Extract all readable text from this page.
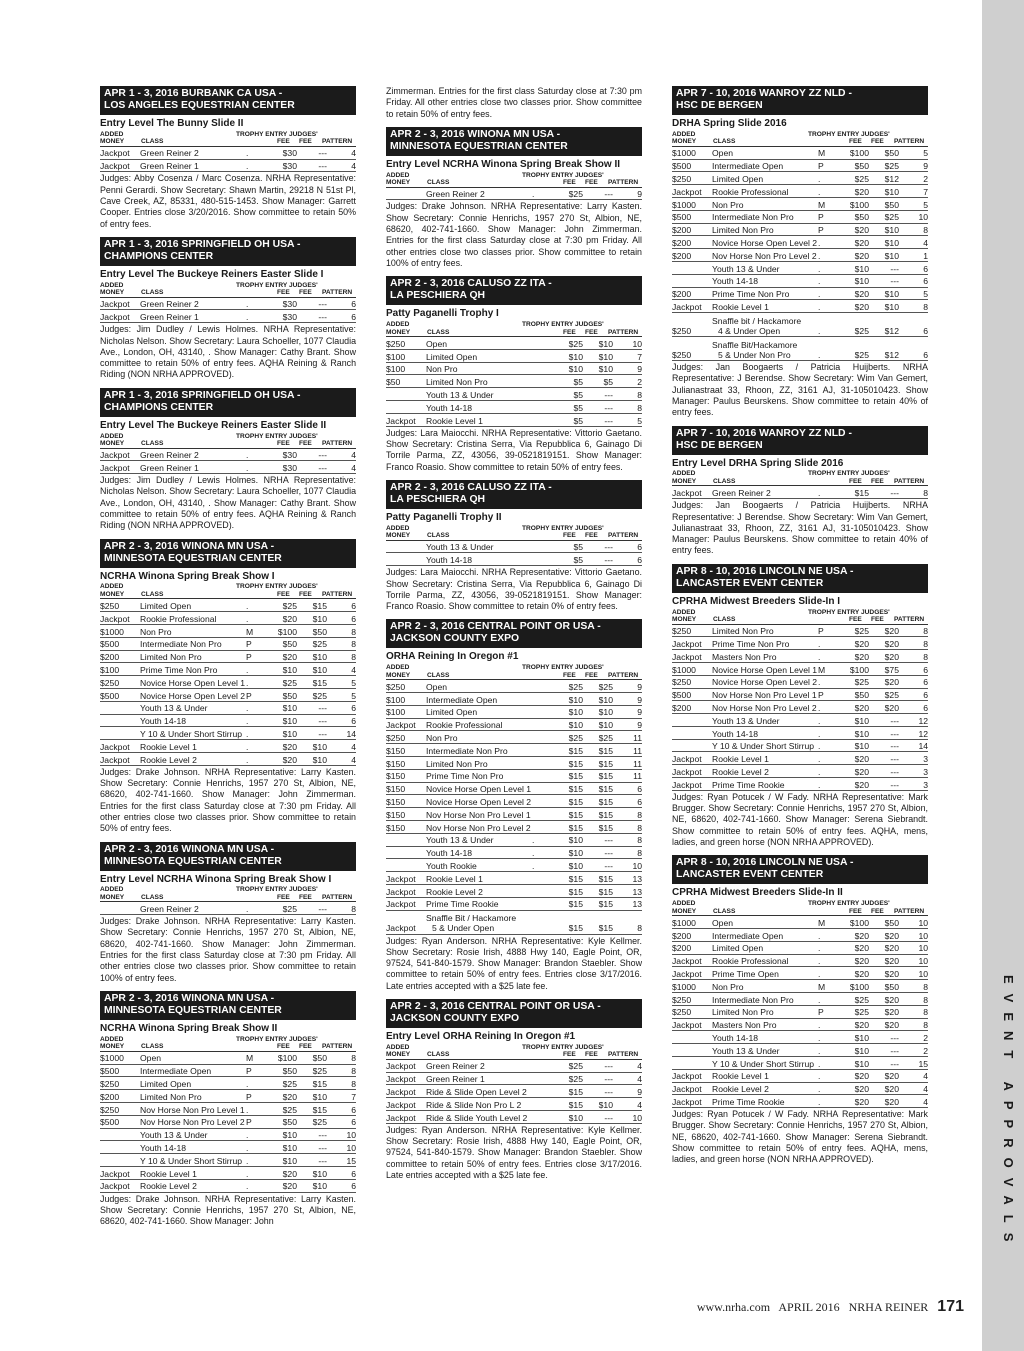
APR 1 - 3, 2016 BURBANK CA USA -
LOS ANGELES EQUESTRIAN CENTER
Entry Level The Bunny Slide II
ADDED
MONEY	CLASS
TROPHY ENTRY JUDGES'
FEE FEE PATTERN
Jackpot	Green Reiner 2	.	$30	---	4
Jackpot	Green Reiner 1	.	$30	---	4
Judges: Abby Cosenza / Marc Cosenza. NRHA Representative: Penni Gerardi. Show Secretary: Shawn Martin, 29218 N 51st Pl, Cave Creek, AZ, 85331, 480-515-1453. Show Manager: Garrett Cooper. Entries close 3/20/2016. Show committee to retain 50% of entry fees.
APR 1 - 3, 2016 SPRINGFIELD OH USA -
CHAMPIONS CENTER
Entry Level The Buckeye Reiners Easter Slide I
ADDED
MONEY	CLASS
TROPHY ENTRY JUDGES'
FEE FEE PATTERN
Jackpot	Green Reiner 2	.	$30	---	6
Jackpot	Green Reiner 1	.	$30	---	6
Judges: Jim Dudley / Lewis Holmes. NRHA Representative: Nicholas Nelson. Show Secretary: Laura Schoeller, 1077 Claudia Ave., London, OH, 43140, . Show Manager: Cathy Brant. Show committee to retain 50% of entry fees. AQHA Reining & Ranch Riding (NON NRHA APPROVED).
APR 1 - 3, 2016 SPRINGFIELD OH USA -
CHAMPIONS CENTER
Entry Level The Buckeye Reiners Easter Slide II
ADDED
MONEY	CLASS
TROPHY ENTRY JUDGES'
FEE FEE PATTERN
Jackpot	Green Reiner 2	.	$30	---	4
Jackpot	Green Reiner 1	.	$30	---	4
Judges: Jim Dudley / Lewis Holmes. NRHA Representative: Nicholas Nelson. Show Secretary: Laura Schoeller, 1077 Claudia Ave., London, OH, 43140, . Show Manager: Cathy Brant. Show committee to retain 50% of entry fees. AQHA Reining & Ranch Riding (NON NRHA APPROVED).
APR 2 - 3, 2016 WINONA MN USA -
MINNESOTA EQUESTRIAN CENTER
NCRHA Winona Spring Break Show I
ADDED
MONEY	CLASS
TROPHY ENTRY JUDGES'
FEE FEE PATTERN
$250	Limited Open	.	$25	$15	6
Jackpot	Rookie Professional	.	$20	$10	6
$1000	Non Pro	M	$100	$50	8
$500	Intermediate Non Pro	P	$50	$25	8
$200	Limited Non Pro	P	$20	$10	8
$100	Prime Time Non Pro	.	$10	$10	4
$250	Novice Horse Open Level 1	.	$25	$15	5
$500	Novice Horse Open Level 2	P	$50	$25	5
	Youth 13 & Under	.	$10	---	6
	Youth 14-18	.	$10	---	6
	Y 10 & Under Short Stirrup	.	$10	---	14
Jackpot	Rookie Level 1	.	$20	$10	4
Jackpot	Rookie Level 2	.	$20	$10	4
Judges: Drake Johnson. NRHA Representative: Larry Kasten. Show Secretary: Connie Henrichs, 1957 270 St, Albion, NE, 68620, 402-741-1660. Show Manager: John Zimmerman. Entries for the first class Saturday close at 7:30 pm Friday. All other entries close two classes prior. Show committee to retain 50% of entry fees.
APR 2 - 3, 2016 WINONA MN USA -
MINNESOTA EQUESTRIAN CENTER
Entry Level NCRHA Winona Spring Break Show I
ADDED
MONEY	CLASS
TROPHY ENTRY JUDGES'
FEE FEE PATTERN
	Green Reiner 2	.	$25	---	8
Judges: Drake Johnson. NRHA Representative: Larry Kasten. Show Secretary: Connie Henrichs, 1957 270 St, Albion, NE, 68620, 402-741-1660. Show Manager: John Zimmerman. Entries for the first class Saturday close at 7:30 pm Friday. All other entries close two classes prior. Show committee to retain 100% of entry fees.
APR 2 - 3, 2016 WINONA MN USA -
MINNESOTA EQUESTRIAN CENTER
NCRHA Winona Spring Break Show II
ADDED
MONEY	CLASS
TROPHY ENTRY JUDGES'
FEE FEE PATTERN
$1000	Open	M	$100	$50	8
$500	Intermediate Open	P	$50	$25	8
$250	Limited Open	.	$25	$15	8
$200	Limited Non Pro	P	$20	$10	7
$250	Nov Horse Non Pro Level 1	.	$25	$15	6
$500	Nov Horse Non Pro Level 2	P	$50	$25	6
	Youth 13 & Under	.	$10	---	10
	Youth 14-18	.	$10	---	10
	Y 10 & Under Short Stirrup	.	$10	---	15
Jackpot	Rookie Level 1	.	$20	$10	6
Jackpot	Rookie Level 2	.	$20	$10	6
Judges: Drake Johnson. NRHA Representative: Larry Kasten. Show Secretary: Connie Henrichs, 1957 270 St, Albion, NE, 68620, 402-741-1660. Show Manager: John
Zimmerman. Entries for the first class Saturday close at 7:30 pm Friday. All other entries close two classes prior. Show committee to retain 50% of entry fees.
APR 2 - 3, 2016 WINONA MN USA -
MINNESOTA EQUESTRIAN CENTER
Entry Level NCRHA Winona Spring Break Show II
ADDED
MONEY	CLASS
TROPHY ENTRY JUDGES'
FEE FEE PATTERN
	Green Reiner 2	.	$25	---	9
Judges: Drake Johnson. NRHA Representative: Larry Kasten. Show Secretary: Connie Henrichs, 1957 270 St, Albion, NE, 68620, 402-741-1660. Show Manager: John Zimmerman. Entries for the first class Saturday close at 7:30 pm Friday. All other entries close two classes prior. Show committee to retain 100% of entry fees.
APR 2 - 3, 2016 CALUSO ZZ ITA -
LA PESCHIERA QH
Patty Paganelli Trophy I
ADDED
MONEY	CLASS
TROPHY ENTRY JUDGES'
FEE FEE PATTERN
$250	Open		$25	$10	10
$100	Limited Open		$10	$10	7
$100	Non Pro		$10	$10	9
$50	Limited Non Pro		$5	$5	2
	Youth 13 & Under		$5	---	8
	Youth 14-18		$5	---	8
Jackpot	Rookie Level 1		$5	---	5
Judges: Lara Maiocchi. NRHA Representative: Vittorio Gaetano. Show Secretary: Cristina Serra, Via Repubblica 6, Gainago Di Torrile Parma, ZZ, 43056, 39-0521819151. Show Manager: Franco Roasio. Show committee to retain 50% of entry fees.
APR 2 - 3, 2016 CALUSO ZZ ITA -
LA PESCHIERA QH
Patty Paganelli Trophy II
ADDED
MONEY	CLASS
TROPHY ENTRY JUDGES'
FEE FEE PATTERN
	Youth 13 & Under		$5	---	6
	Youth 14-18		$5	---	6
Judges: Lara Maiocchi. NRHA Representative: Vittorio Gaetano. Show Secretary: Cristina Serra, Via Repubblica 6, Gainago Di Torrile Parma, ZZ, 43056, 39-0521819151. Show Manager: Franco Roasio. Show committee to retain 0% of entry fees.
APR 2 - 3, 2016 CENTRAL POINT OR USA -
JACKSON COUNTY EXPO
ORHA Reining In Oregon #1
ADDED
MONEY	CLASS
TROPHY ENTRY JUDGES'
FEE FEE PATTERN
$250	Open		$25	$25	9
$100	Intermediate Open		$10	$10	9
$100	Limited Open		$10	$10	9
Jackpot	Rookie Professional		$10	$10	9
$250	Non Pro		$25	$25	11
$150	Intermediate Non Pro		$15	$15	11
$150	Limited Non Pro		$15	$15	11
$150	Prime Time Non Pro		$15	$15	11
$150	Novice Horse Open Level 1		$15	$15	6
$150	Novice Horse Open Level 2		$15	$15	6
$150	Nov Horse Non Pro Level 1		$15	$15	8
$150	Nov Horse Non Pro Level 2		$15	$15	8
	Youth 13 & Under	.	$10	---	8
	Youth 14-18	.	$10	---	8
	Youth Rookie	.	$10	---	10
Jackpot	Rookie Level 1		$15	$15	13
Jackpot	Rookie Level 2		$15	$15	13
Jackpot	Prime Time Rookie		$15	$15	13
Jackpot	Snaffle Bit / Hackamore
5 & Under Open		$15	$15	8
Judges: Ryan Anderson. NRHA Representative: Kyle Kellmer. Show Secretary: Rosie Irish, 4888 Hwy 140, Eagle Point, OR, 97524, 541-840-1579. Show Manager: Brandon Staebler. Show committee to retain 50% of entry fees. Entries close 3/17/2016. Late entries accepted with a $25 late fee.
APR 2 - 3, 2016 CENTRAL POINT OR USA -
JACKSON COUNTY EXPO
Entry Level ORHA Reining In Oregon #1
ADDED
MONEY	CLASS
TROPHY ENTRY JUDGES'
FEE FEE PATTERN
Jackpot	Green Reiner 2		$25	---	4
Jackpot	Green Reiner 1		$25	---	4
Jackpot	Ride & Slide Open Level 2		$15	---	9
Jackpot	Ride & Slide Non Pro L 2		$15	$10	4
Jackpot	Ride & Slide Youth Level 2		$10	---	10
Judges: Ryan Anderson. NRHA Representative: Kyle Kellmer. Show Secretary: Rosie Irish, 4888 Hwy 140, Eagle Point, OR, 97524, 541-840-1579. Show Manager: Brandon Staebler. Show committee to retain 50% of entry fees. Entries close 3/17/2016. Late entries accepted with a $25 late fee.
APR 7 - 10, 2016 WANROY ZZ NLD -
HSC DE BERGEN
DRHA Spring Slide 2016
ADDED
MONEY	CLASS
TROPHY ENTRY JUDGES'
FEE FEE PATTERN
$1000	Open	M	$100	$50	5
$500	Intermediate Open	P	$50	$25	9
$250	Limited Open	.	$25	$12	2
Jackpot	Rookie Professional	.	$20	$10	7
$1000	Non Pro	M	$100	$50	5
$500	Intermediate Non Pro	P	$50	$25	10
$200	Limited Non Pro	P	$20	$10	8
$200	Novice Horse Open Level 2	.	$20	$10	4
$200	Nov Horse Non Pro Level 2	.	$20	$10	1
	Youth 13 & Under	.	$10	---	6
	Youth 14-18	.	$10	---	6
$200	Prime Time Non Pro	.	$20	$10	5
Jackpot	Rookie Level 1	.	$20	$10	8
$250	Snaffle bit / Hackamore
4 & Under Open	.	$25	$12	6
$250	Snaffle Bit/Hackamore
5 & Under Non Pro	.	$25	$12	6
Judges: Jan Boogaerts / Patricia Huijberts. NRHA Representative: J Berendse. Show Secretary: Wim Van Gemert, Julianastraat 33, Rhoon, ZZ, 3161 AJ, 31-105010423. Show Manager: Paulus Beurskens. Show committee to retain 40% of entry fees.
APR 7 - 10, 2016 WANROY ZZ NLD -
HSC DE BERGEN
Entry Level DRHA Spring Slide 2016
ADDED
MONEY	CLASS
TROPHY ENTRY JUDGES'
FEE FEE PATTERN
Jackpot	Green Reiner 2	.	$15	---	8
Judges: Jan Boogaerts / Patricia Huijberts. NRHA Representative: J Berendse. Show Secretary: Wim Van Gemert, Julianastraat 33, Rhoon, ZZ, 3161 AJ, 31-105010423. Show Manager: Paulus Beurskens. Show committee to retain 40% of entry fees.
APR 8 - 10, 2016 LINCOLN NE USA -
LANCASTER EVENT CENTER
CPRHA Midwest Breeders Slide-In I
ADDED
MONEY	CLASS
TROPHY ENTRY JUDGES'
FEE FEE PATTERN
$250	Limited Non Pro	P	$25	$20	8
Jackpot	Prime Time Non Pro	.	$20	$20	8
Jackpot	Masters Non Pro	.	$20	$20	8
$1000	Novice Horse Open Level 1	M	$100	$75	6
$250	Novice Horse Open Level 2	.	$25	$20	6
$500	Nov Horse Non Pro Level 1	P	$50	$25	6
$200	Nov Horse Non Pro Level 2	.	$20	$20	6
	Youth 13 & Under	.	$10	---	12
	Youth 14-18	.	$10	---	12
	Y 10 & Under Short Stirrup	.	$10	---	14
Jackpot	Rookie Level 1	.	$20	---	3
Jackpot	Rookie Level 2	.	$20	---	3
Jackpot	Prime Time Rookie	.	$20	---	3
Judges: Ryan Potucek / W Fady. NRHA Representative: Mark Brugger. Show Secretary: Connie Henrichs, 1957 270 St, Albion, NE, 68620, 402-741-1660. Show Manager: Serena Siebrandt. Show committee to retain 50% of entry fees. AQHA, mens, ladies, and green horse (NON NRHA APPROVED).
APR 8 - 10, 2016 LINCOLN NE USA -
LANCASTER EVENT CENTER
CPRHA Midwest Breeders Slide-In II
ADDED
MONEY	CLASS
TROPHY ENTRY JUDGES'
FEE FEE PATTERN
$1000	Open	M	$100	$50	10
$200	Intermediate Open	.	$20	$20	10
$200	Limited Open	.	$20	$20	10
Jackpot	Rookie Professional	.	$20	$20	10
Jackpot	Prime Time Open	.	$20	$20	10
$1000	Non Pro	M	$100	$50	8
$250	Intermediate Non Pro	.	$25	$20	8
$250	Limited Non Pro	P	$25	$20	8
Jackpot	Masters Non Pro	.	$20	$20	8
	Youth 14-18	.	$10	---	2
	Youth 13 & Under	.	$10	---	2
	Y 10 & Under Short Stirrup	.	$10	---	15
Jackpot	Rookie Level 1	.	$20	$20	4
Jackpot	Rookie Level 2	.	$20	$20	4
Jackpot	Prime Time Rookie	.	$20	$20	4
Judges: Ryan Potucek / W Fady. NRHA Representative: Mark Brugger. Show Secretary: Connie Henrichs, 1957 270 St, Albion, NE, 68620, 402-741-1660. Show Manager: Serena Siebrandt. Show committee to retain 50% of entry fees. AQHA, mens, ladies, and green horse (NON NRHA APPROVED).	EVENT APPROVALS
www.nrha.com APRIL 2016 NRHA REINER 171
